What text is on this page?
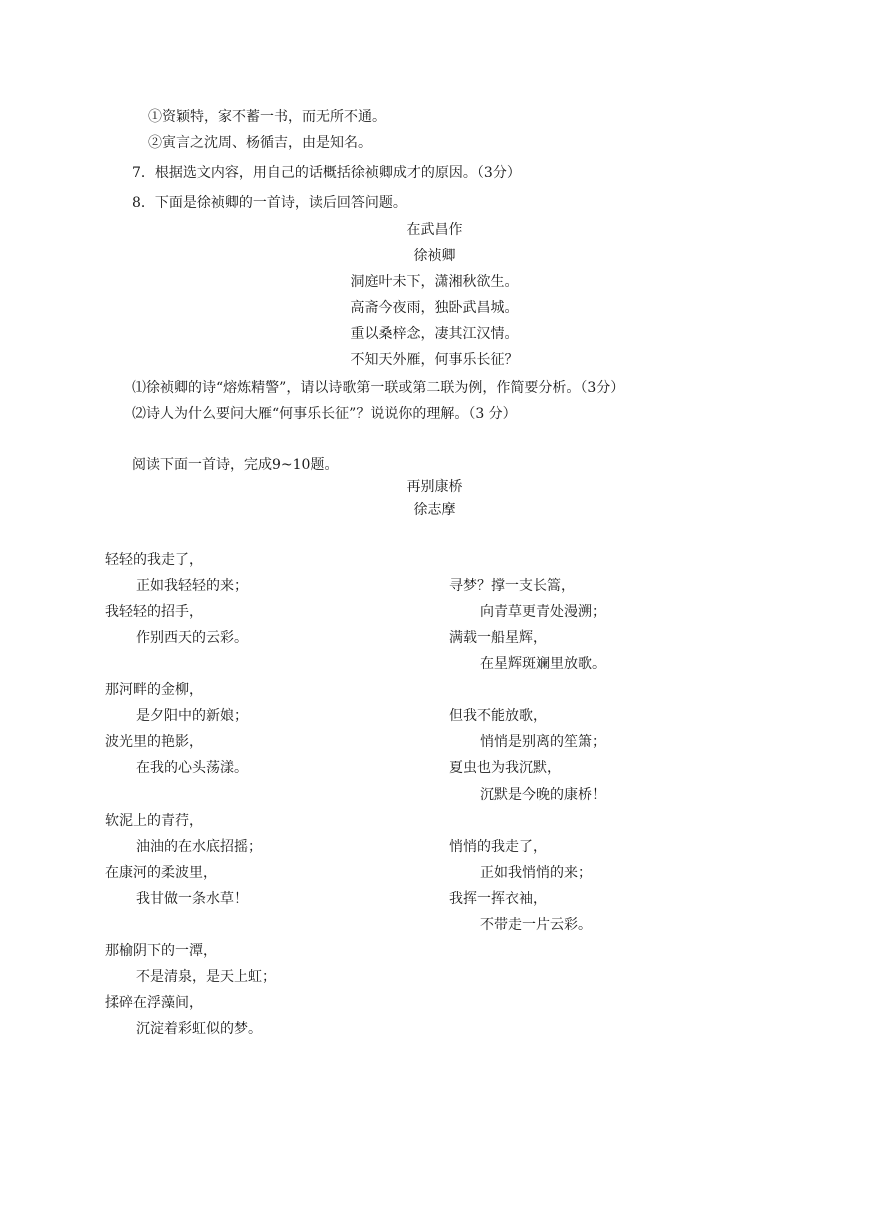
①资颖特，家不蓄一书，而无所不通。
②寅言之沈周、杨循吉，由是知名。
7．根据选文内容，用自己的话概括徐祯卿成才的原因。（3分）
8．下面是徐祯卿的一首诗，读后回答问题。
在武昌作
徐祯卿
洞庭叶未下，潇湘秋欲生。
高斋今夜雨，独卧武昌城。
重以桑梓念，凄其江汉情。
不知天外雁，何事乐长征？
⑴徐祯卿的诗“熔炼精警”，请以诗歌第一联或第二联为例，作简要分析。（3分）
⑵诗人为什么要问大雁“何事乐长征”？说说你的理解。（3 分）
阅读下面一首诗，完成9~10题。
再别康桥
徐志摩
轻轻的我走了，
正如我轻轻的来；
我轻轻的招手，
作别西天的云彩。
那河畔的金柳，
是夕阳中的新娘；
波光里的艳影，
在我的心头荡漾。
软泥上的青荇，
油油的在水底招摇；
在康河的柔波里，
我甘做一条水草！
那榆阴下的一潭，
不是清泉，是天上虹；
揉碎在浮藻间，
沉淀着彩虹似的梦。
寻梦？撑一支长篙，
向青草更青处漫溯；
满载一船星辉，
在星辉斑斓里放歌。
但我不能放歌，
悄悄是别离的笙箫；
夏虫也为我沉默，
沉默是今晚的康桥！
悄悄的我走了，
正如我悄悄的来；
我挥一挥衣袖，
不带走一片云彩。
